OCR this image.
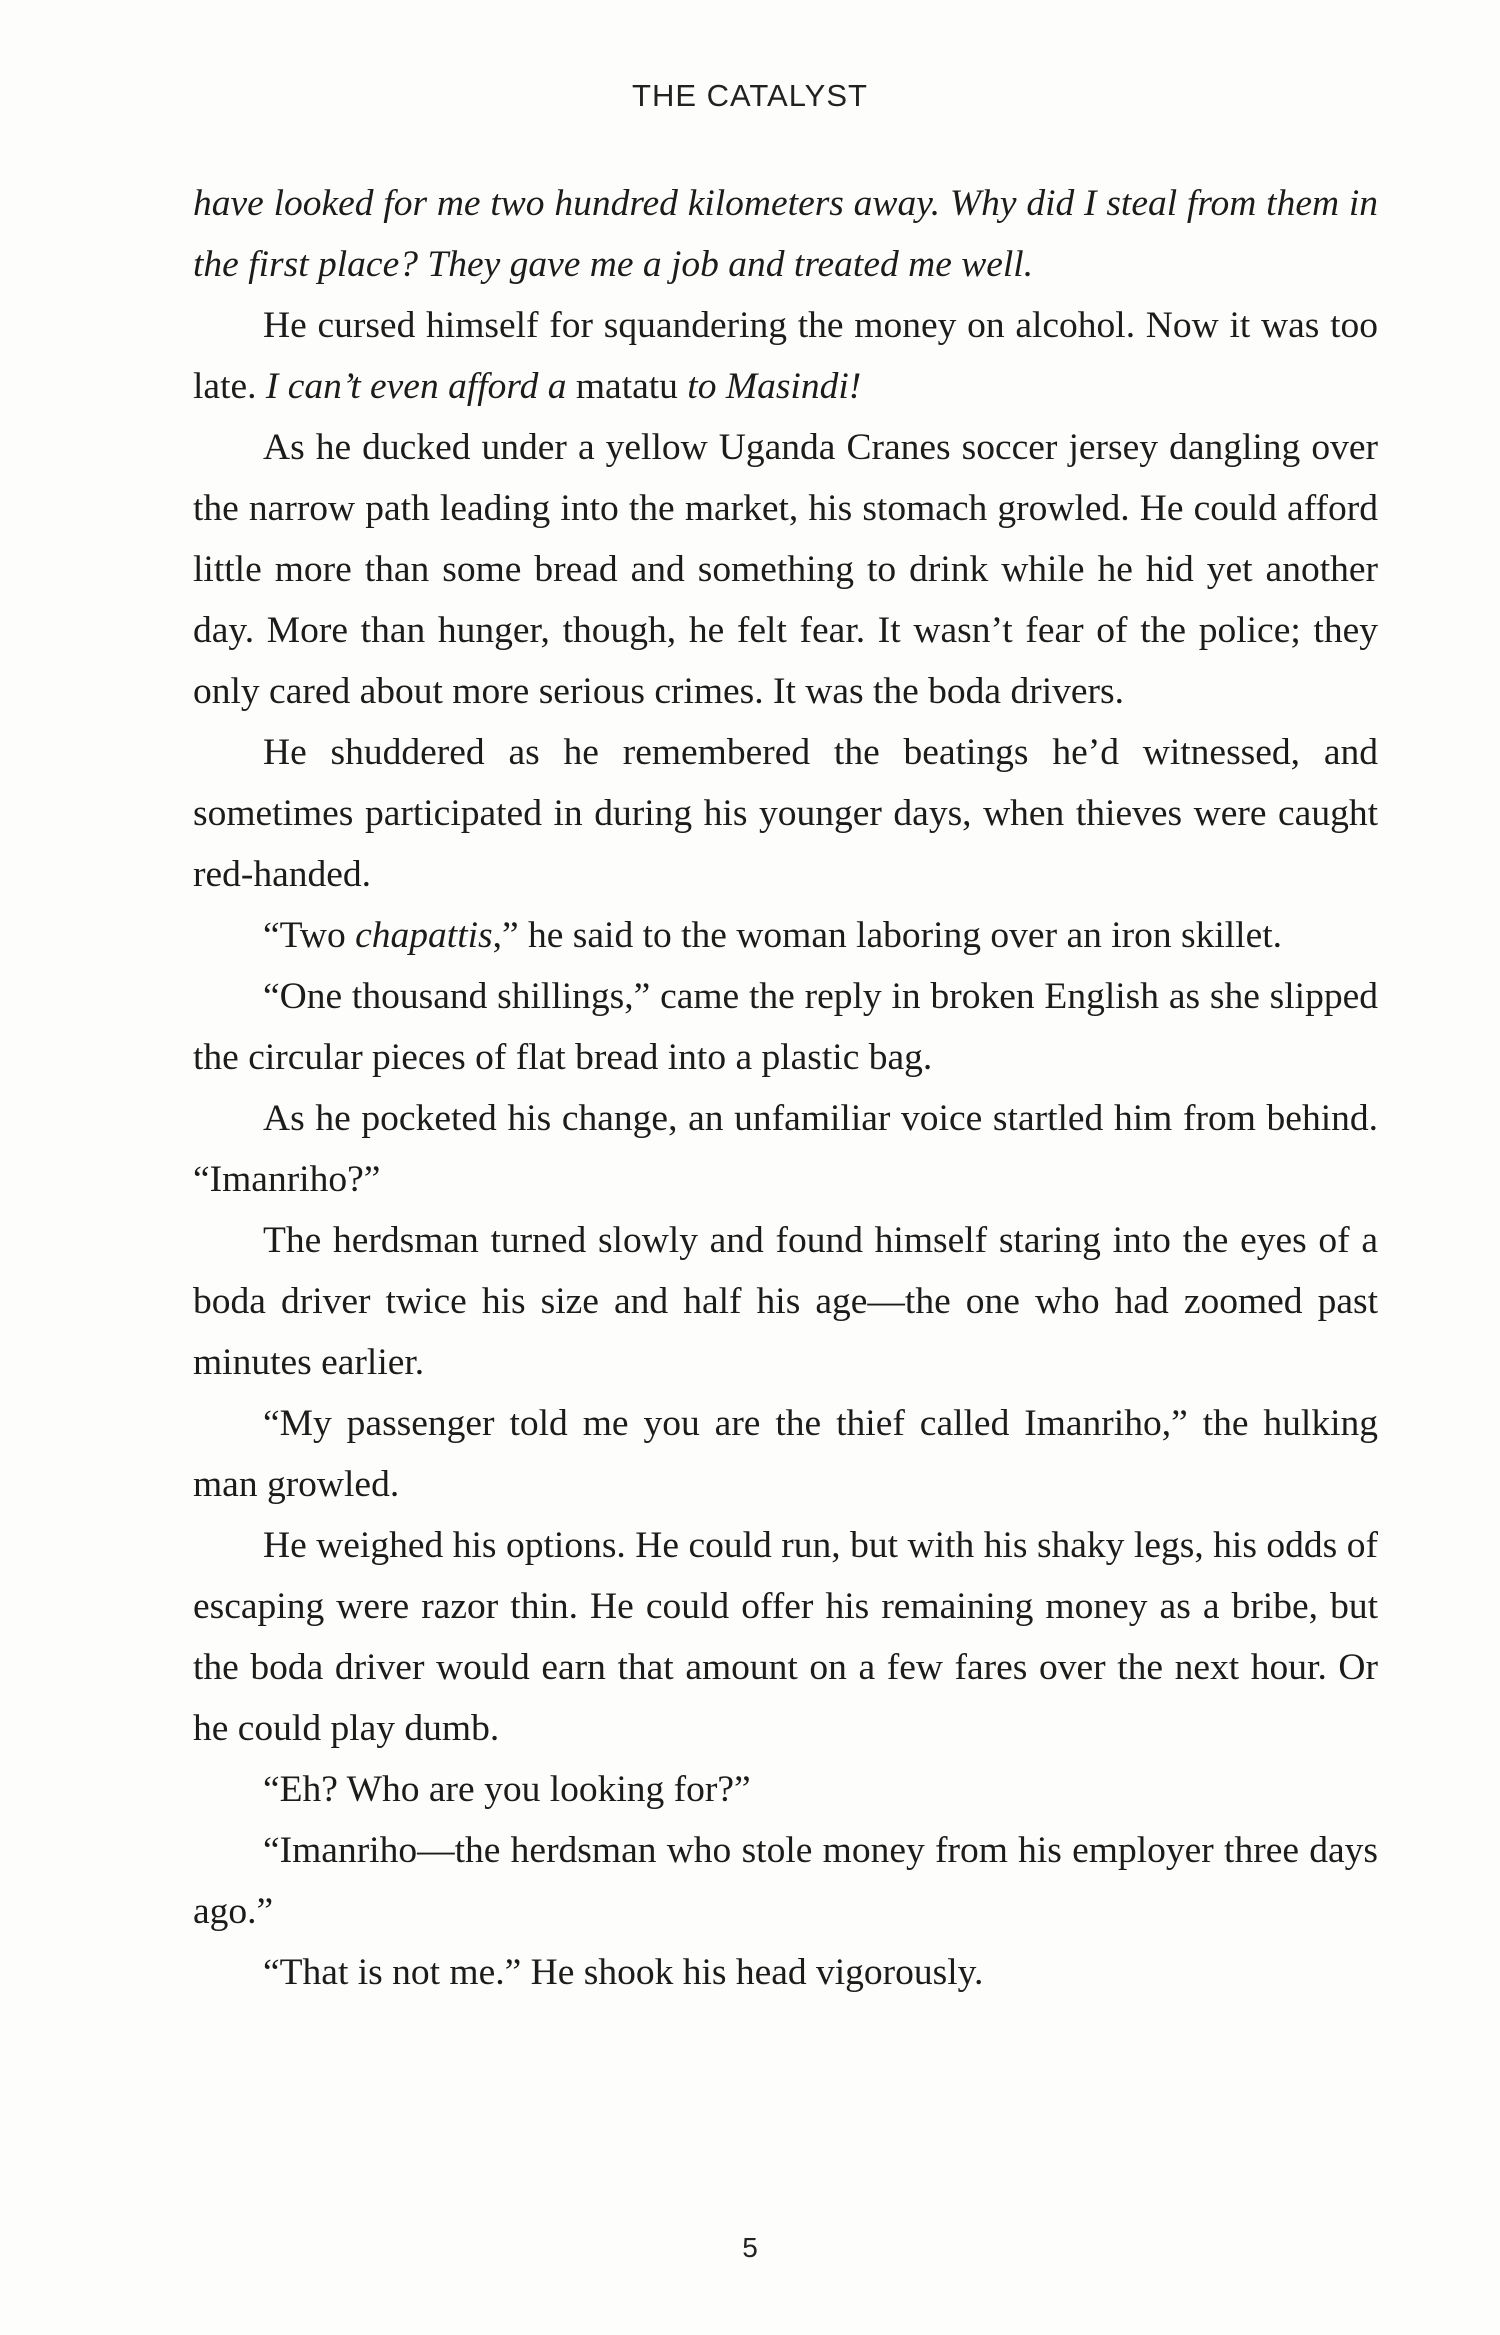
THE CATALYST

have looked for me two hundred kilometers away. Why did I steal from them in the first place? They gave me a job and treated me well.

He cursed himself for squandering the money on alcohol. Now it was too late. I can’t even afford a matatu to Masindi!

As he ducked under a yellow Uganda Cranes soccer jersey dangling over the narrow path leading into the market, his stomach growled. He could afford little more than some bread and something to drink while he hid yet another day. More than hunger, though, he felt fear. It wasn’t fear of the police; they only cared about more serious crimes. It was the boda drivers.

He shuddered as he remembered the beatings he’d witnessed, and sometimes participated in during his younger days, when thieves were caught red-handed.

“Two chapattis,” he said to the woman laboring over an iron skillet.

“One thousand shillings,” came the reply in broken English as she slipped the circular pieces of flat bread into a plastic bag.

As he pocketed his change, an unfamiliar voice startled him from behind. “Imanriho?”

The herdsman turned slowly and found himself staring into the eyes of a boda driver twice his size and half his age—the one who had zoomed past minutes earlier.

“My passenger told me you are the thief called Imanriho,” the hulking man growled.

He weighed his options. He could run, but with his shaky legs, his odds of escaping were razor thin. He could offer his remaining money as a bribe, but the boda driver would earn that amount on a few fares over the next hour. Or he could play dumb.

“Eh? Who are you looking for?”

“Imanriho—the herdsman who stole money from his employer three days ago.”

“That is not me.” He shook his head vigorously.

5
